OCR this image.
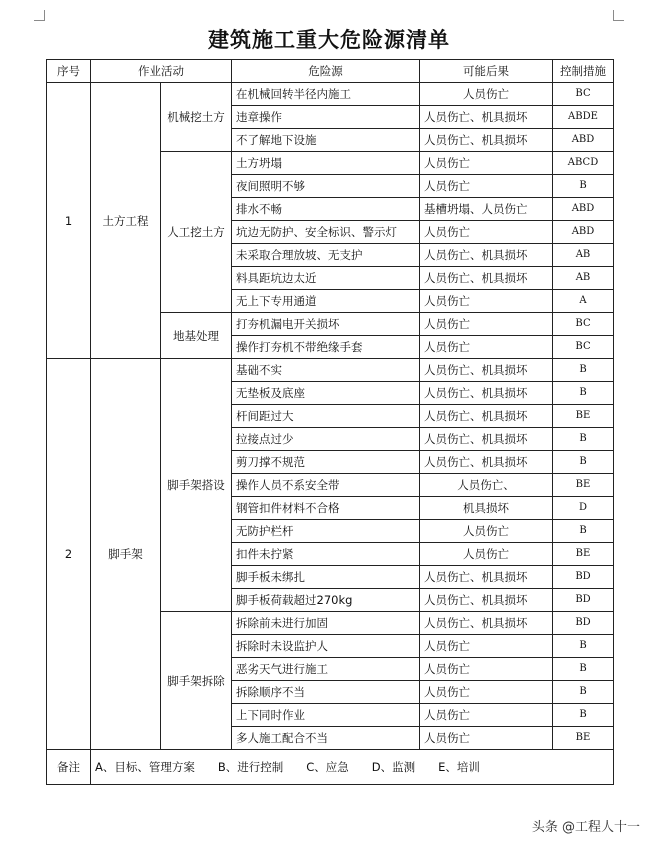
建筑施工重大危险源清单
序号	作业活动		危险源	可能后果	控制措施
1	土方工程	机械挖土方	在机械回转半径内施工	人员伤亡	BC
			违章操作	人员伤亡、机具损坏	ABDE
			不了解地下设施	人员伤亡、机具损坏	ABD
		人工挖土方	土方坍塌	人员伤亡	ABCD
			夜间照明不够	人员伤亡	B
			排水不畅	基槽坍塌、人员伤亡	ABD
			坑边无防护、安全标识、警示灯	人员伤亡	ABD
			未采取合理放坡、无支护	人员伤亡、机具损坏	AB
			料具距坑边太近	人员伤亡、机具损坏	AB
			无上下专用通道	人员伤亡	A
		地基处理	打夯机漏电开关损坏	人员伤亡	BC
			操作打夯机不带绝缘手套	人员伤亡	BC
2	脚手架	脚手架搭设	基础不实	人员伤亡、机具损坏	B
			无垫板及底座	人员伤亡、机具损坏	B
			杆间距过大	人员伤亡、机具损坏	BE
			拉接点过少	人员伤亡、机具损坏	B
			剪刀撑不规范	人员伤亡、机具损坏	B
			操作人员不系安全带	人员伤亡、	BE
			钢管扣件材料不合格	机具损坏	D
			无防护栏杆	人员伤亡	B
			扣件未拧紧	人员伤亡	BE
			脚手板未绑扎	人员伤亡、机具损坏	BD
			脚手板荷载超过270kg	人员伤亡、机具损坏	BD
		脚手架拆除	拆除前未进行加固	人员伤亡、机具损坏	BD
			拆除时未设监护人	人员伤亡	B
			恶劣天气进行施工	人员伤亡	B
			拆除顺序不当	人员伤亡	B
			上下同时作业	人员伤亡	B
			多人施工配合不当	人员伤亡	BE
备注	A、目标、管理方案　　B、进行控制　　C、应急　　D、监测　　E、培训				
头条 @工程人十一
